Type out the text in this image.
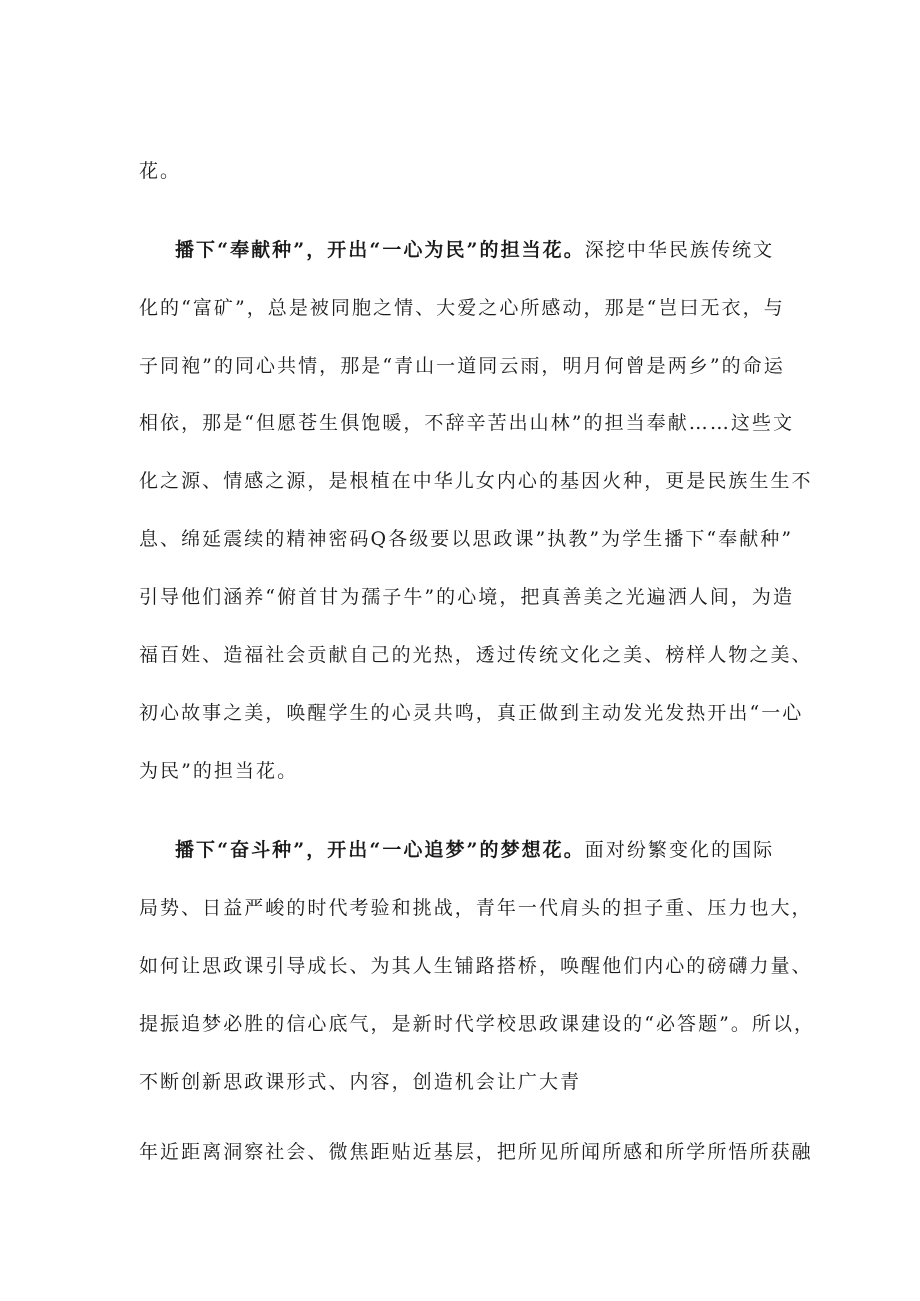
花。
播下“奉献种”，开出“一心为民”的担当花。深挖中华民族传统文
化的“富矿”，总是被同胞之情、大爱之心所感动，那是“岂曰无衣，与
子同袍”的同心共情，那是“青山一道同云雨，明月何曾是两乡”的命运
相依，那是“但愿苍生俱饱暖，不辞辛苦出山林”的担当奉献……这些文
化之源、情感之源，是根植在中华儿女内心的基因火种，更是民族生生不
息、绵延震续的精神密码Q各级要以思政课”执教”为学生播下“奉献种”
引导他们涵养“俯首甘为孺子牛”的心境，把真善美之光遍洒人间，为造
福百姓、造福社会贡献自己的光热，透过传统文化之美、榜样人物之美、
初心故事之美，唤醒学生的心灵共鸣，真正做到主动发光发热开出“一心
为民”的担当花。
播下“奋斗种”，开出“一心追梦”的梦想花。面对纷繁变化的国际
局势、日益严峻的时代考验和挑战，青年一代肩头的担子重、压力也大，
如何让思政课引导成长、为其人生铺路搭桥，唤醒他们内心的磅礴力量、
提振追梦必胜的信心底气，是新时代学校思政课建设的“必答题”。所以，
不断创新思政课形式、内容，创造机会让广大青
年近距离洞察社会、微焦距贴近基层，把所见所闻所感和所学所悟所获融
